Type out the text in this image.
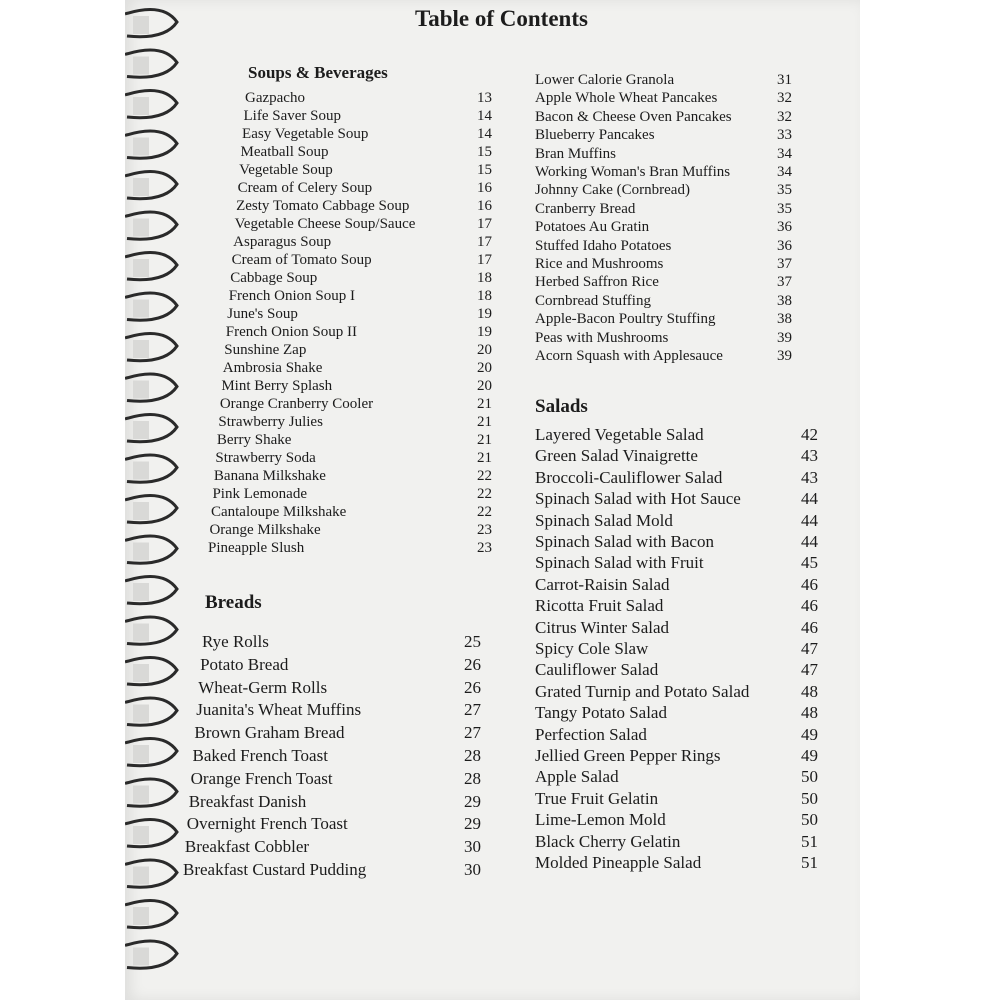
Table of Contents
Soups & Beverages
Gazpacho	13
Life Saver Soup	14
Easy Vegetable Soup	14
Meatball Soup	15
Vegetable Soup	15
Cream of Celery Soup	16
Zesty Tomato Cabbage Soup	16
Vegetable Cheese Soup/Sauce	17
Asparagus Soup	17
Cream of Tomato Soup	17
Cabbage Soup	18
French Onion Soup I	18
June's Soup	19
French Onion Soup II	19
Sunshine Zap	20
Ambrosia Shake	20
Mint Berry Splash	20
Orange Cranberry Cooler	21
Strawberry Julies	21
Berry Shake	21
Strawberry Soda	21
Banana Milkshake	22
Pink Lemonade	22
Cantaloupe Milkshake	22
Orange Milkshake	23
Pineapple Slush	23
Breads
Rye Rolls	25
Potato Bread	26
Wheat-Germ Rolls	26
Juanita's Wheat Muffins	27
Brown Graham Bread	27
Baked French Toast	28
Orange French Toast	28
Breakfast Danish	29
Overnight French Toast	29
Breakfast Cobbler	30
Breakfast Custard Pudding	30
Lower Calorie Granola	31
Apple Whole Wheat Pancakes	32
Bacon & Cheese Oven Pancakes	32
Blueberry Pancakes	33
Bran Muffins	34
Working Woman's Bran Muffins	34
Johnny Cake (Cornbread)	35
Cranberry Bread	35
Potatoes Au Gratin	36
Stuffed Idaho Potatoes	36
Rice and Mushrooms	37
Herbed Saffron Rice	37
Cornbread Stuffing	38
Apple-Bacon Poultry Stuffing	38
Peas with Mushrooms	39
Acorn Squash with Applesauce	39
Salads
Layered Vegetable Salad	42
Green Salad Vinaigrette	43
Broccoli-Cauliflower Salad	43
Spinach Salad with Hot Sauce	44
Spinach Salad Mold	44
Spinach Salad with Bacon	44
Spinach Salad with Fruit	45
Carrot-Raisin Salad	46
Ricotta Fruit Salad	46
Citrus Winter Salad	46
Spicy Cole Slaw	47
Cauliflower Salad	47
Grated Turnip and Potato Salad	48
Tangy Potato Salad	48
Perfection Salad	49
Jellied Green Pepper Rings	49
Apple Salad	50
True Fruit Gelatin	50
Lime-Lemon Mold	50
Black Cherry Gelatin	51
Molded Pineapple Salad	51
